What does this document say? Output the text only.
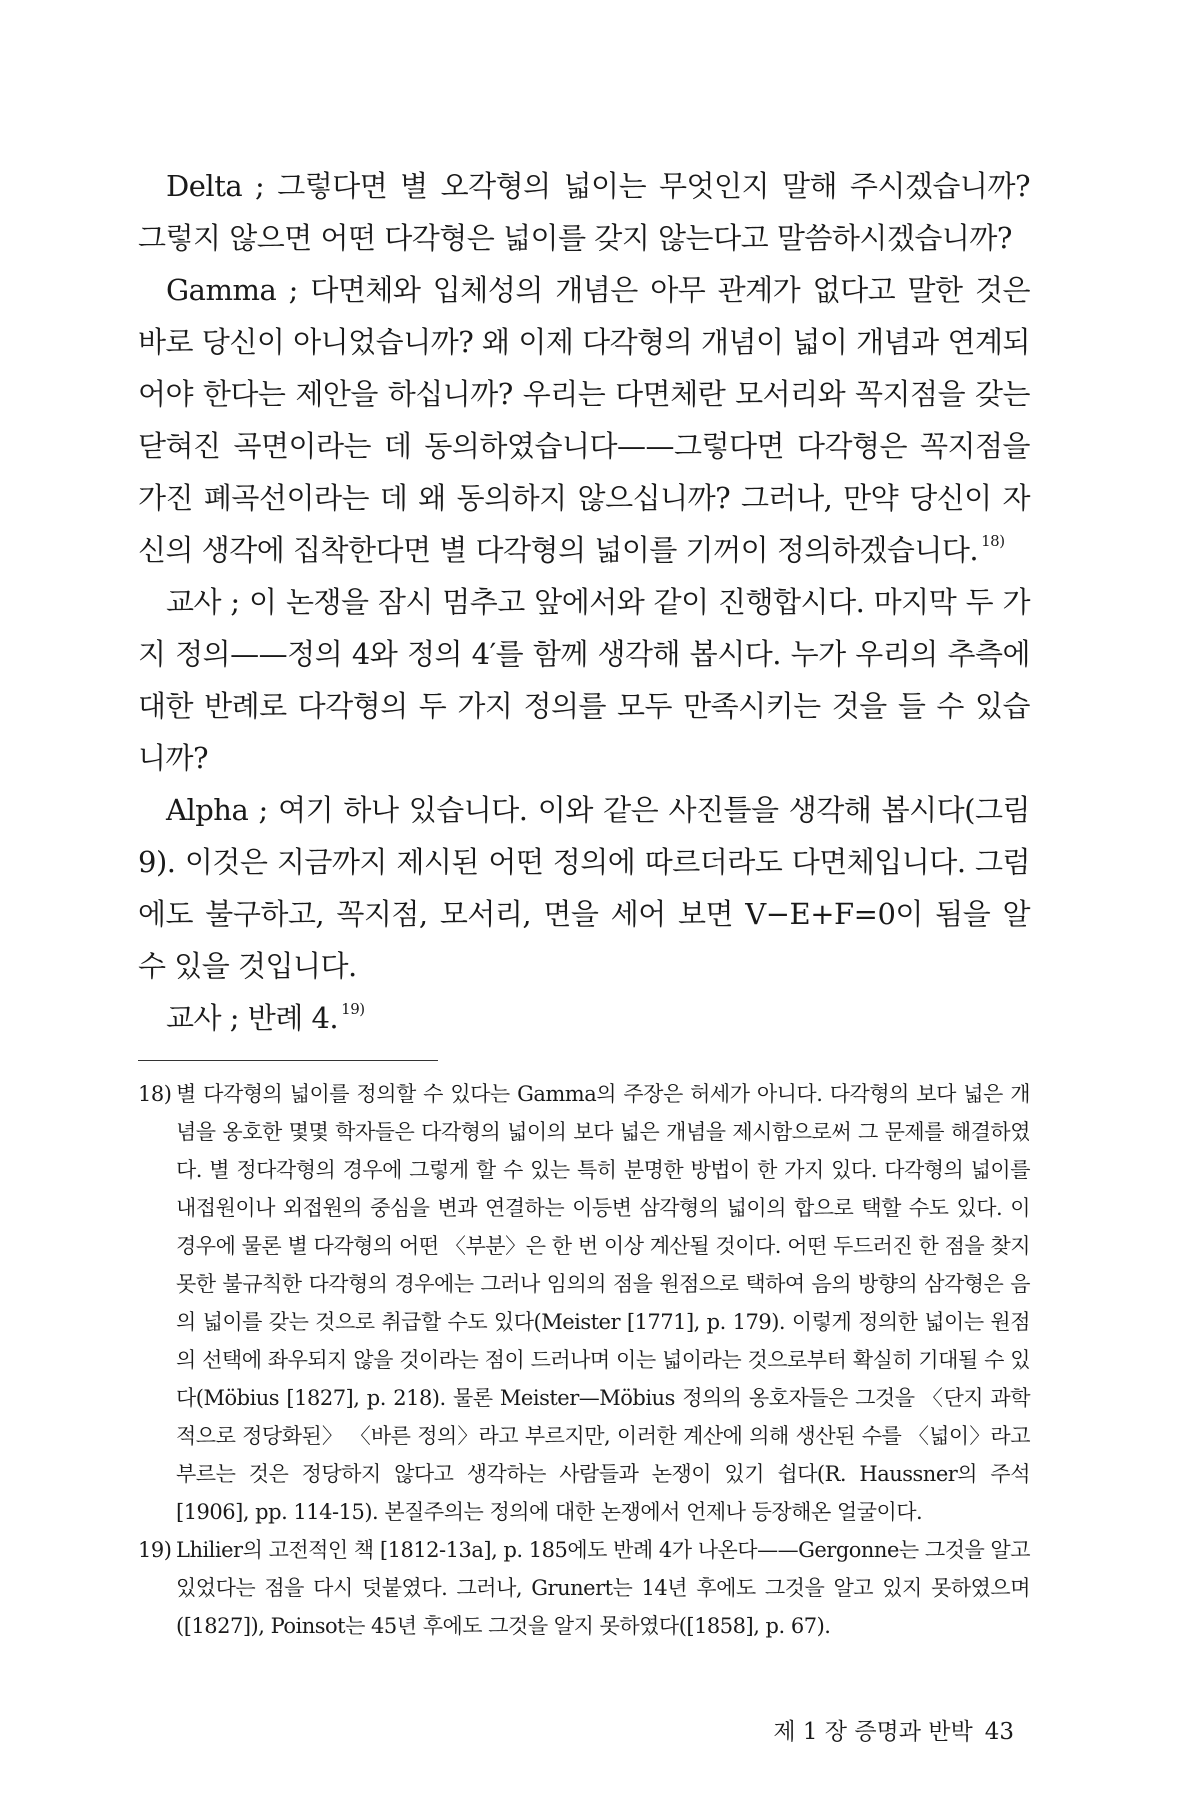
Delta ; 그렇다면 별 오각형의 넓이는 무엇인지 말해 주시겠습니까? 그렇지 않으면 어떤 다각형은 넓이를 갖지 않는다고 말씀하시겠습니까?

Gamma ; 다면체와 입체성의 개념은 아무 관계가 없다고 말한 것은 바로 당신이 아니었습니까? 왜 이제 다각형의 개념이 넓이 개념과 연계되어야 한다는 제안을 하십니까? 우리는 다면체란 모서리와 꼭지점을 갖는 닫혀진 곡면이라는 데 동의하였습니다——그렇다면 다각형은 꼭지점을 가진 폐곡선이라는 데 왜 동의하지 않으십니까? 그러나, 만약 당신이 자신의 생각에 집착한다면 별 다각형의 넓이를 기꺼이 정의하겠습니다. $^{18)}$

교사 ; 이 논쟁을 잠시 멈추고 앞에서와 같이 진행합시다. 마지막 두 가지 정의——정의 4와 정의 4′를 함께 생각해 봅시다. 누가 우리의 추측에 대한 반례로 다각형의 두 가지 정의를 모두 만족시키는 것을 들 수 있습니까?

Alpha ; 여기 하나 있습니다. 이와 같은 사진틀을 생각해 봅시다(그림 9). 이것은 지금까지 제시된 어떤 정의에 따르더라도 다면체입니다. 그럼에도 불구하고, 꼭지점, 모서리, 면을 세어 보면 V−E+F=0이 됨을 알 수 있을 것입니다.

교사 ; 반례 4. $^{19)}$

18) 별 다각형의 넓이를 정의할 수 있다는 Gamma의 주장은 허세가 아니다. 다각형의 보다 넓은 개념을 옹호한 몇몇 학자들은 다각형의 넓이의 보다 넓은 개념을 제시함으로써 그 문제를 해결하였다. 별 정다각형의 경우에 그렇게 할 수 있는 특히 분명한 방법이 한 가지 있다. 다각형의 넓이를 내접원이나 외접원의 중심을 변과 연결하는 이등변 삼각형의 넓이의 합으로 택할 수도 있다. 이 경우에 물론 별 다각형의 어떤 〈부분〉은 한 번 이상 계산될 것이다. 어떤 두드러진 한 점을 찾지 못한 불규칙한 다각형의 경우에는 그러나 임의의 점을 원점으로 택하여 음의 방향의 삼각형은 음의 넓이를 갖는 것으로 취급할 수도 있다(Meister [1771], p. 179). 이렇게 정의한 넓이는 원점의 선택에 좌우되지 않을 것이라는 점이 드러나며 이는 넓이라는 것으로부터 확실히 기대될 수 있다(Möbius [1827], p. 218). 물론 Meister—Möbius 정의의 옹호자들은 그것을 〈단지 과학적으로 정당화된〉 〈바른 정의〉라고 부르지만, 이러한 계산에 의해 생산된 수를 〈넓이〉라고 부르는 것은 정당하지 않다고 생각하는 사람들과 논쟁이 있기 쉽다(R. Haussner의 주석 [1906], pp. 114-15). 본질주의는 정의에 대한 논쟁에서 언제나 등장해온 얼굴이다.
19) Lhilier의 고전적인 책 [1812-13a], p. 185에도 반례 4가 나온다——Gergonne는 그것을 알고 있었다는 점을 다시 덧붙였다. 그러나, Grunert는 14년 후에도 그것을 알고 있지 못하였으며([1827]), Poinsot는 45년 후에도 그것을 알지 못하였다([1858], p. 67).
제 1 장 증명과 반박 43
